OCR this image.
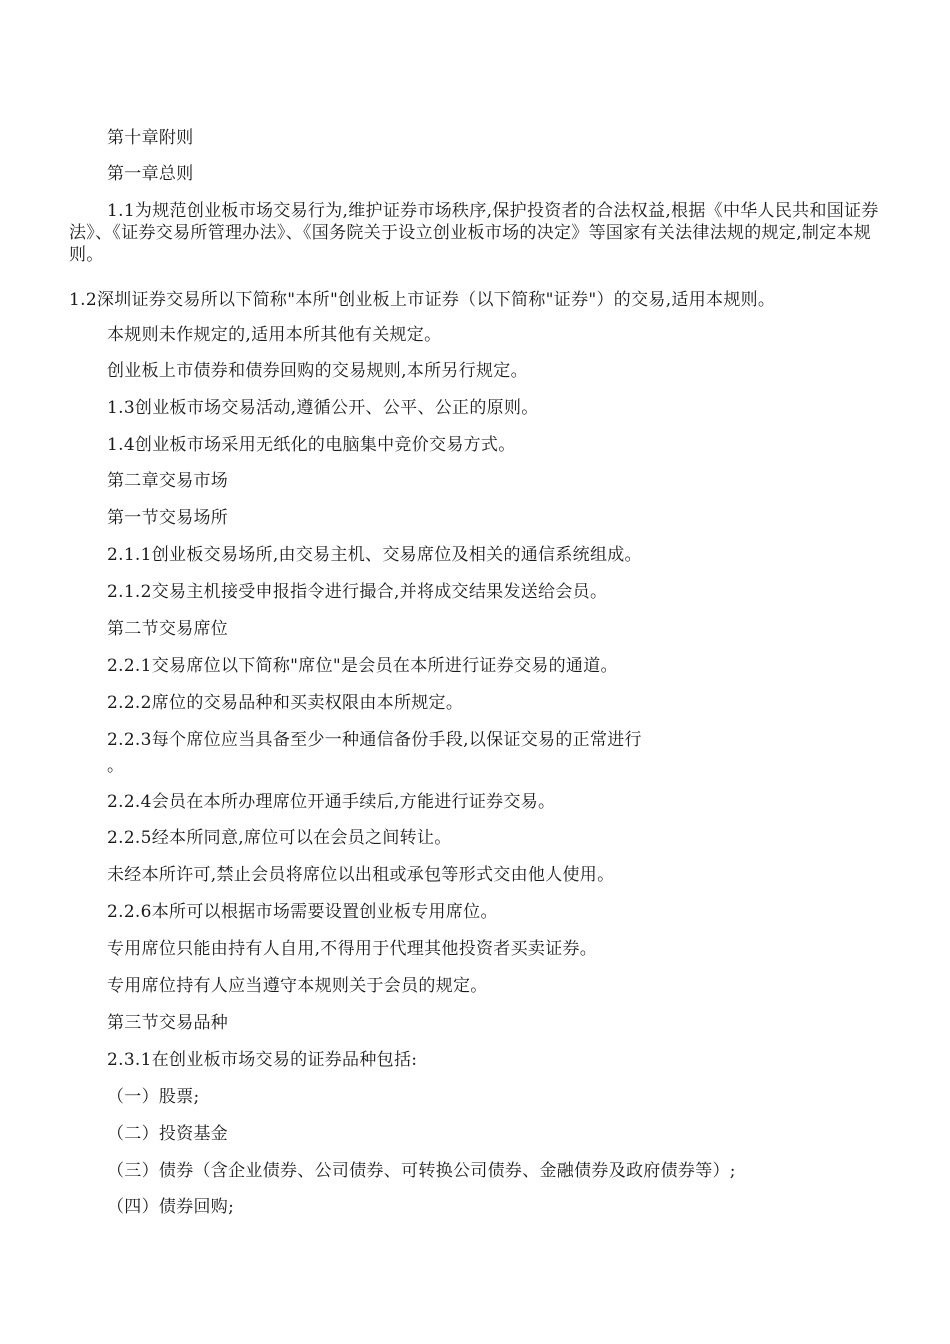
第十章附则
第一章总则
1.1为规范创业板市场交易行为,维护证券市场秩序,保护投资者的合法权益,根据《中华人民共和国证券法》、《证券交易所管理办法》、《国务院关于设立创业板市场的决定》等国家有关法律法规的规定,制定本规则。
1.2深圳证券交易所以下简称"本所"创业板上市证券（以下简称"证券"）的交易,适用本规则。
本规则未作规定的,适用本所其他有关规定。
创业板上市债券和债券回购的交易规则,本所另行规定。
1.3创业板市场交易活动,遵循公开、公平、公正的原则。
1.4创业板市场采用无纸化的电脑集中竞价交易方式。
第二章交易市场
第一节交易场所
2.1.1创业板交易场所,由交易主机、交易席位及相关的通信系统组成。
2.1.2交易主机接受申报指令进行撮合,并将成交结果发送给会员。
第二节交易席位
2.2.1交易席位以下简称"席位"是会员在本所进行证券交易的通道。
2.2.2席位的交易品种和买卖权限由本所规定。
2.2.3每个席位应当具备至少一种通信备份手段,以保证交易的正常进行
。
2.2.4会员在本所办理席位开通手续后,方能进行证券交易。
2.2.5经本所同意,席位可以在会员之间转让。
未经本所许可,禁止会员将席位以出租或承包等形式交由他人使用。
2.2.6本所可以根据市场需要设置创业板专用席位。
专用席位只能由持有人自用,不得用于代理其他投资者买卖证券。
专用席位持有人应当遵守本规则关于会员的规定。
第三节交易品种
2.3.1在创业板市场交易的证券品种包括:
（一）股票;
（二）投资基金
（三）债券（含企业债券、公司债券、可转换公司债券、金融债券及政府债券等）;
（四）债券回购;
